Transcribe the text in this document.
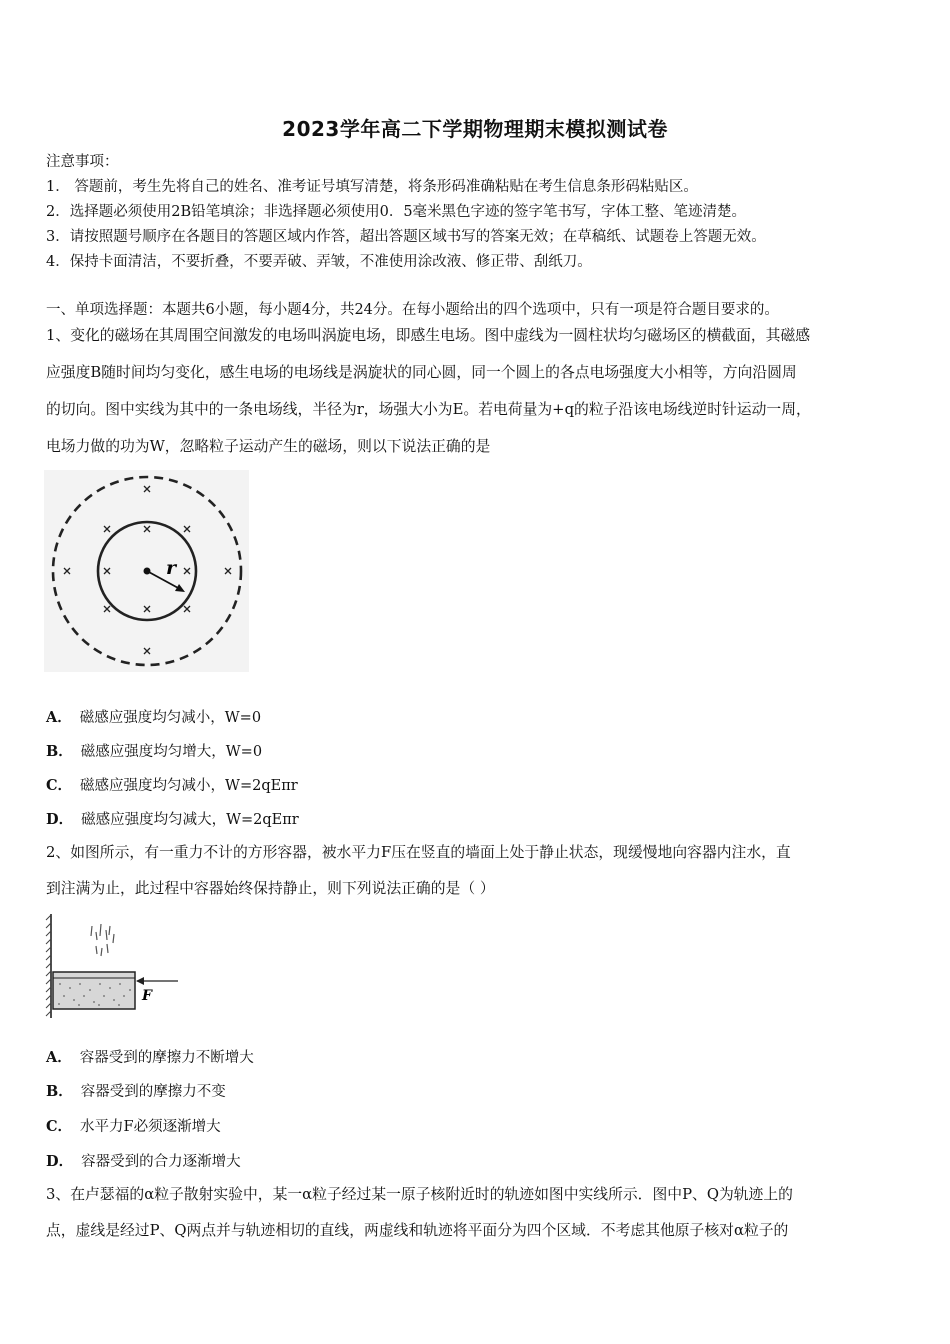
2023学年高二下学期物理期末模拟测试卷
注意事项：
1． 答题前，考生先将自己的姓名、准考证号填写清楚，将条形码准确粘贴在考生信息条形码粘贴区。
2．选择题必须使用2B铅笔填涂；非选择题必须使用0．5毫米黑色字迹的签字笔书写，字体工整、笔迹清楚。
3．请按照题号顺序在各题目的答题区域内作答，超出答题区域书写的答案无效；在草稿纸、试题卷上答题无效。
4．保持卡面清洁，不要折叠，不要弄破、弄皱，不准使用涂改液、修正带、刮纸刀。
一、单项选择题：本题共6小题，每小题4分，共24分。在每小题给出的四个选项中，只有一项是符合题目要求的。
1、变化的磁场在其周围空间激发的电场叫涡旋电场，即感生电场。图中虚线为一圆柱状均匀磁场区的横截面，其磁感
应强度B随时间均匀变化，感生电场的电场线是涡旋状的同心圆，同一个圆上的各点电场强度大小相等，方向沿圆周
的切向。图中实线为其中的一条电场线，半径为r，场强大小为E。若电荷量为+q的粒子沿该电场线逆时针运动一周，
电场力做的功为W，忽略粒子运动产生的磁场，则以下说法正确的是
r
A． 磁感应强度均匀减小，W=0
B． 磁感应强度均匀增大，W=0
C． 磁感应强度均匀减小，W=2qEπr
D． 磁感应强度均匀减大，W=2qEπr
2、如图所示，有一重力不计的方形容器，被水平力F压在竖直的墙面上处于静止状态，现缓慢地向容器内注水，直
到注满为止，此过程中容器始终保持静止，则下列说法正确的是（ ）
F
A． 容器受到的摩擦力不断增大
B． 容器受到的摩擦力不变
C． 水平力F必须逐渐增大
D． 容器受到的合力逐渐增大
3、在卢瑟福的α粒子散射实验中，某一α粒子经过某一原子核附近时的轨迹如图中实线所示．图中P、Q为轨迹上的
点，虚线是经过P、Q两点并与轨迹相切的直线，两虚线和轨迹将平面分为四个区域．不考虑其他原子核对α粒子的
